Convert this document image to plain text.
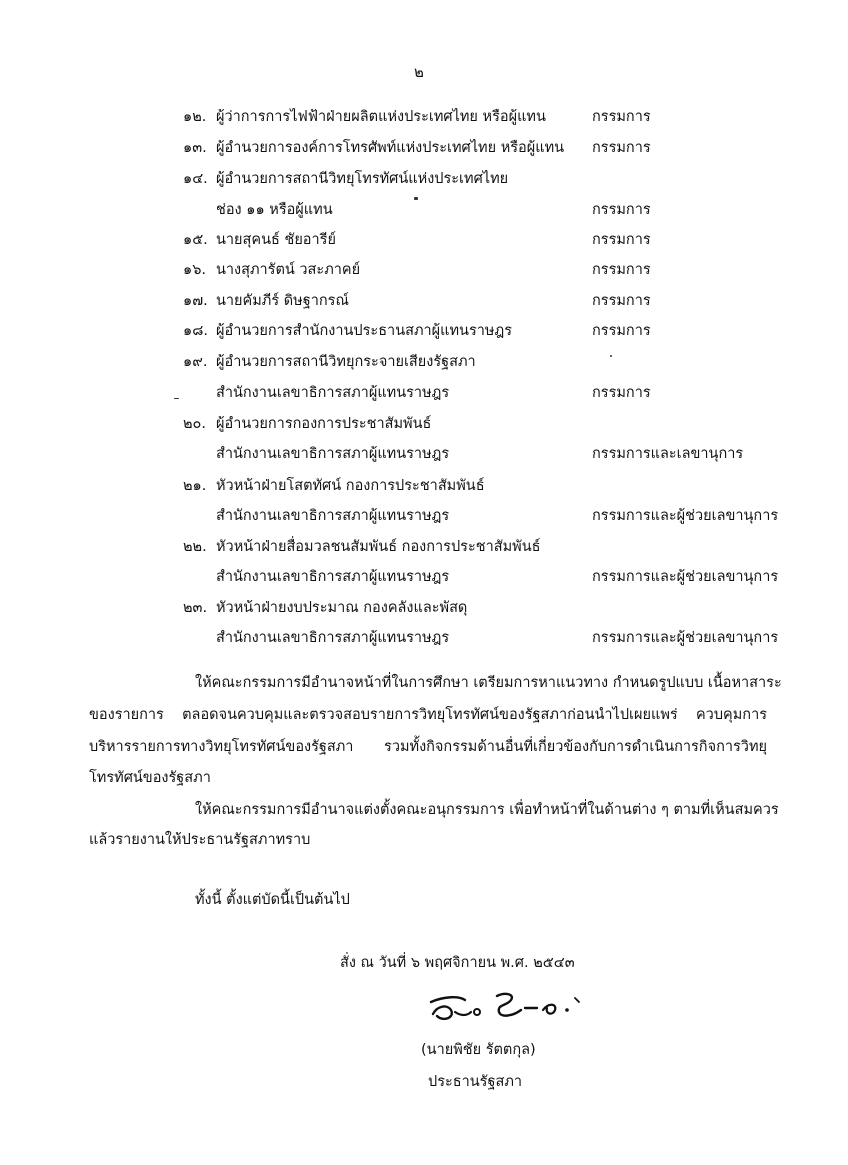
๒
๑๒. ผู้ว่าการการไฟฟ้าฝ่ายผลิตแห่งประเทศไทย หรือผู้แทน	กรรมการ
๑๓. ผู้อำนวยการองค์การโทรศัพท์แห่งประเทศไทย หรือผู้แทน กรรมการ
๑๔. ผู้อำนวยการสถานีวิทยุโทรทัศน์แห่งประเทศไทย
ช่อง ๑๑ หรือผู้แทน	กรรมการ
๑๕. นายสุคนธ์ ชัยอารีย์	กรรมการ
๑๖. นางสุภารัตน์ วสะภาคย์	กรรมการ
๑๗. นายคัมภีร์ ดิษฐากรณ์	กรรมการ
๑๘. ผู้อำนวยการสำนักงานประธานสภาผู้แทนราษฎร	กรรมการ
๑๙. ผู้อำนวยการสถานีวิทยุกระจายเสียงรัฐสภา
สำนักงานเลขาธิการสภาผู้แทนราษฎร	กรรมการ
๒๐. ผู้อำนวยการกองการประชาสัมพันธ์
สำนักงานเลขาธิการสภาผู้แทนราษฎร	กรรมการและเลขานุการ
๒๑. หัวหน้าฝ่ายโสตทัศน์ กองการประชาสัมพันธ์
สำนักงานเลขาธิการสภาผู้แทนราษฎร	กรรมการและผู้ช่วยเลขานุการ
๒๒. หัวหน้าฝ่ายสื่อมวลชนสัมพันธ์ กองการประชาสัมพันธ์
สำนักงานเลขาธิการสภาผู้แทนราษฎร	กรรมการและผู้ช่วยเลขานุการ
๒๓. หัวหน้าฝ่ายงบประมาณ กองคลังและพัสดุ
สำนักงานเลขาธิการสภาผู้แทนราษฎร	กรรมการและผู้ช่วยเลขานุการ
ให้คณะกรรมการมีอำนาจหน้าที่ในการศึกษา เตรียมการหาแนวทาง กำหนดรูปแบบ เนื้อหาสาระ
ของรายการ ตลอดจนควบคุมและตรวจสอบรายการวิทยุโทรทัศน์ของรัฐสภาก่อนนำไปเผยแพร่ ควบคุมการ
บริหารรายการทางวิทยุโทรทัศน์ของรัฐสภา รวมทั้งกิจกรรมด้านอื่นที่เกี่ยวข้องกับการดำเนินการกิจการวิทยุ
โทรทัศน์ของรัฐสภา
ให้คณะกรรมการมีอำนาจแต่งตั้งคณะอนุกรรมการ เพื่อทำหน้าที่ในด้านต่าง ๆ ตามที่เห็นสมควร
แล้วรายงานให้ประธานรัฐสภาทราบ
ทั้งนี้ ตั้งแต่บัดนี้เป็นต้นไป
สั่ง ณ วันที่ ๖ พฤศจิกายน พ.ศ. ๒๕๔๓
(นายพิชัย รัตตกุล)
ประธานรัฐสภา
